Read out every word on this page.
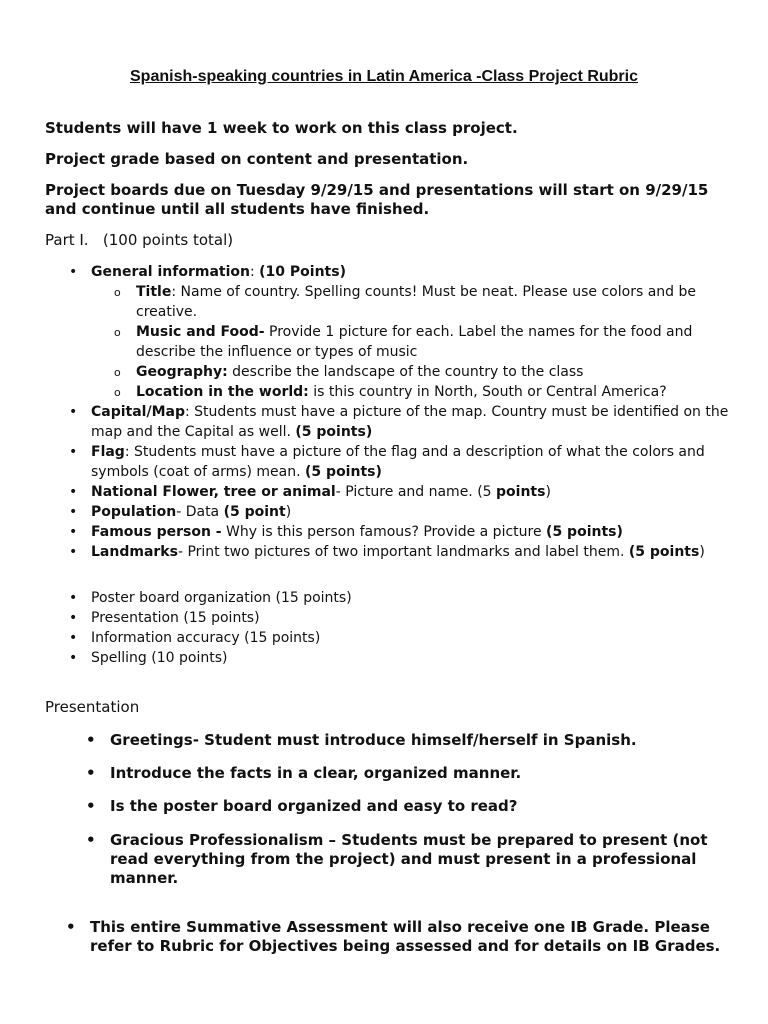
Spanish-speaking countries in Latin America -Class Project Rubric

Students will have 1 week to work on this class project.

Project grade based on content and presentation.

Project boards due on Tuesday 9/29/15 and presentations will start on 9/29/15 and continue until all students have finished.

Part I. (100 points total)

• General information: (10 Points)
o Title: Name of country. Spelling counts! Must be neat. Please use colors and be creative.
o Music and Food- Provide 1 picture for each. Label the names for the food and describe the influence or types of music
o Geography: describe the landscape of the country to the class
o Location in the world: is this country in North, South or Central America?
• Capital/Map: Students must have a picture of the map. Country must be identified on the map and the Capital as well. (5 points)
• Flag: Students must have a picture of the flag and a description of what the colors and symbols (coat of arms) mean. (5 points)
• National Flower, tree or animal- Picture and name. (5 points)
• Population- Data (5 point)
• Famous person - Why is this person famous? Provide a picture (5 points)
• Landmarks- Print two pictures of two important landmarks and label them. (5 points)
• Poster board organization (15 points)
• Presentation (15 points)
• Information accuracy (15 points)
• Spelling (10 points)

Presentation

• Greetings- Student must introduce himself/herself in Spanish.
• Introduce the facts in a clear, organized manner.
• Is the poster board organized and easy to read?
• Gracious Professionalism – Students must be prepared to present (not read everything from the project) and must present in a professional manner.
• This entire Summative Assessment will also receive one IB Grade. Please refer to Rubric for Objectives being assessed and for details on IB Grades.
